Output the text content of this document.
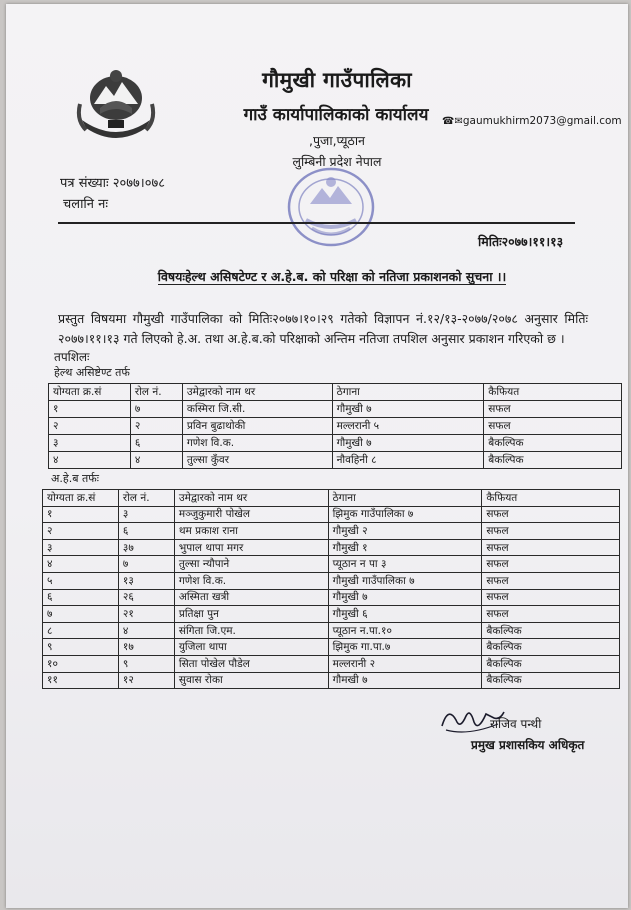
गौमुखी गाउँपालिका
गाउँ कार्यापालिकाको कार्यालय
,पुजा,प्यूठान
लुम्बिनी प्रदेश नेपाल
☎✉gaumukhirm2073@gmail.com
पत्र संख्याः २०७७।०७८
चलानि नः
मितिः२०७७।११।१३
विषयःहेल्थ असिषटेण्ट र अ.हे.ब. को परिक्षा को नतिजा प्रकाशनको सुचना ।।
प्रस्तुत विषयमा गौमुखी गाउँपालिका को मितिः२०७७।१०।२९ गतेको विज्ञापन नं.१२/१३-२०७७/२०७८ अनुसार मितिः २०७७।११।१३ गते लिएको हे.अ. तथा अ.हे.ब.को परिक्षाको अन्तिम नतिजा तपशिल अनुसार प्रकाशन गरिएको छ ।
तपशिलः
हेल्थ असिष्टेण्ट तर्फ
योग्यता क्र.सं	रोल नं.	उमेद्वारको नाम थर	ठेगाना	कैफियत
१	७	कस्मिरा जि.सी.	गौमुखी ७	सफल
२	२	प्रविन बुढाथोकी	मल्लरानी ५	सफल
३	६	गणेश वि.क.	गौमुखी ७	बैकल्पिक
४	४	तुल्सा कुँवर	नौवहिनी ८	बैकल्पिक
अ.हे.ब तर्फः
योग्यता क्र.सं	रोल नं.	उमेद्वारको नाम थर	ठेगाना	कैफियत
१	३	मञ्जुकुमारी पोखेल	झिमुक गाउँपालिका ७	सफल
२	६	थम प्रकाश राना	गौमुखी २	सफल
३	३७	भुपाल थापा मगर	गौमुखी १	सफल
४	७	तुल्सा न्यौपाने	प्यूठान न पा ३	सफल
५	१३	गणेश वि.क.	गौमुखी गाउँपालिका ७	सफल
६	२६	अस्मिता खत्री	गौमुखी ७	सफल
७	२१	प्रतिक्षा पुन	गौमुखी ६	सफल
८	४	संगिता जि.एम.	प्यूठान न.पा.१०	बैकल्पिक
९	१७	युजिला थापा	झिमुक गा.पा.७	बैकल्पिक
१०	९	सिता पोखेल पौडेल	मल्लरानी २	बैकल्पिक
११	१२	सुवास रोका	गौमखी ७	बैकल्पिक
राजिव पन्थी
प्रमुख प्रशासकिय अधिकृत
